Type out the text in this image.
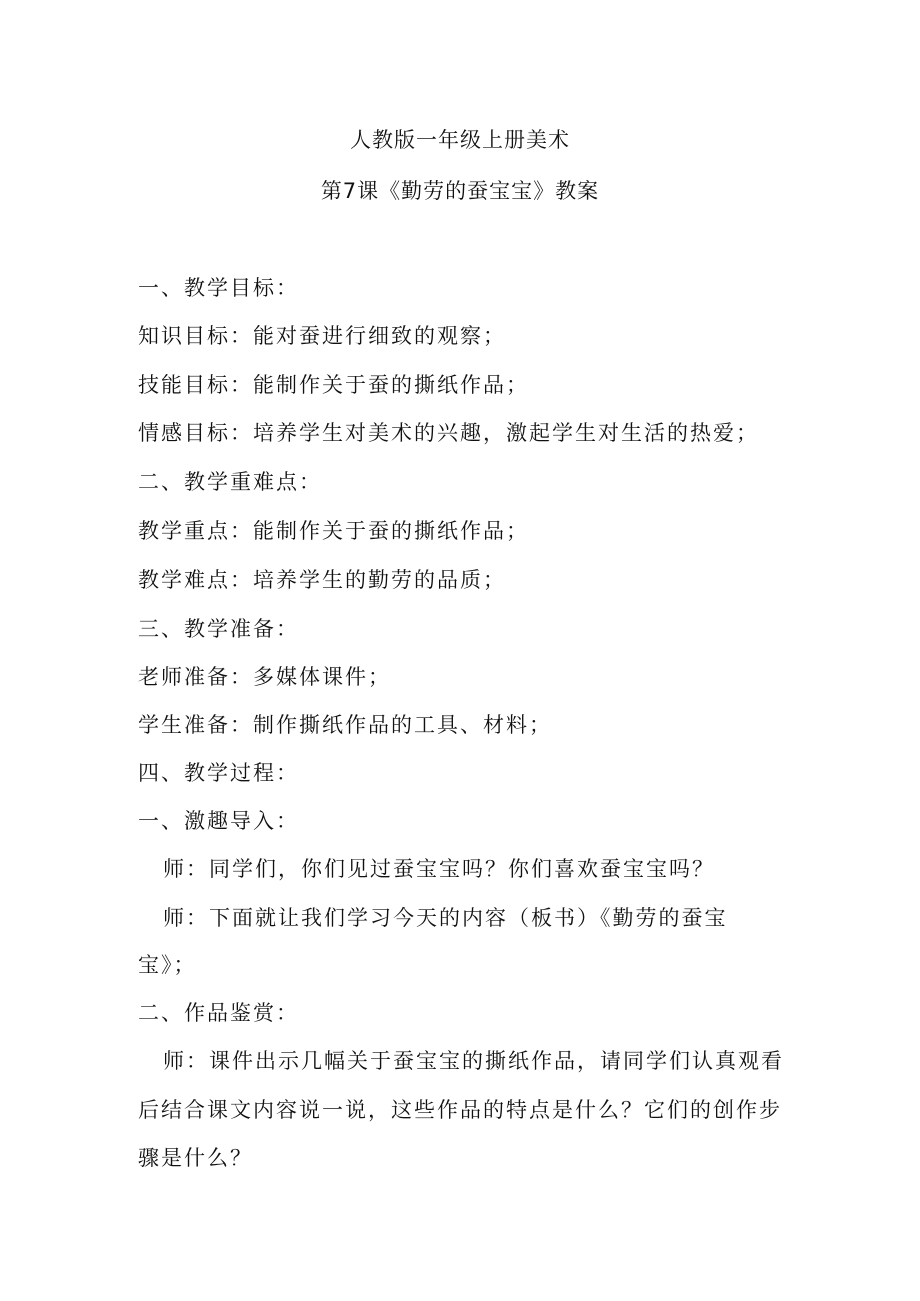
人教版一年级上册美术
第7课《勤劳的蚕宝宝》教案
一、教学目标：
知识目标：能对蚕进行细致的观察；
技能目标：能制作关于蚕的撕纸作品；
情感目标：培养学生对美术的兴趣，激起学生对生活的热爱；
二、教学重难点：
教学重点：能制作关于蚕的撕纸作品；
教学难点：培养学生的勤劳的品质；
三、教学准备：
老师准备：多媒体课件；
学生准备：制作撕纸作品的工具、材料；
四、教学过程：
一、激趣导入：
师：同学们，你们见过蚕宝宝吗？你们喜欢蚕宝宝吗？
师：下面就让我们学习今天的内容（板书）《勤劳的蚕宝
宝》；
二、作品鉴赏：
师：课件出示几幅关于蚕宝宝的撕纸作品，请同学们认真观看
后结合课文内容说一说，这些作品的特点是什么？它们的创作步
骤是什么？
